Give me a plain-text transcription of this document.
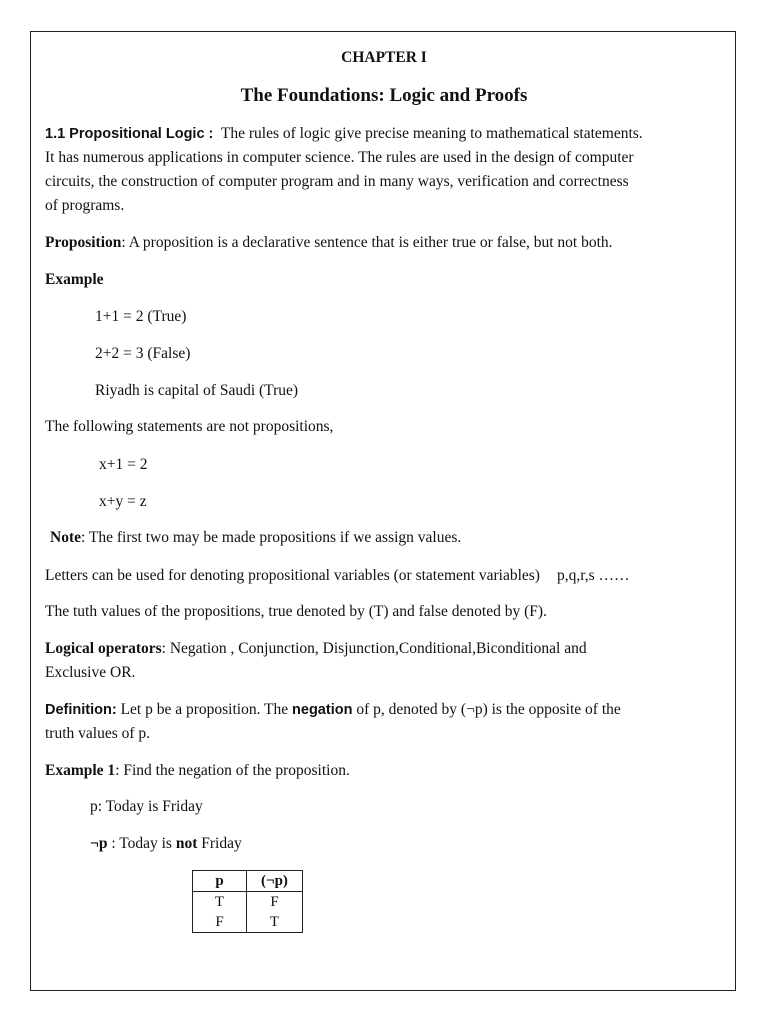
CHAPTER I
The Foundations: Logic and Proofs
1.1 Propositional Logic : The rules of logic give precise meaning to mathematical statements.
It has numerous applications in computer science. The rules are used in the design of computer
circuits, the construction of computer program and in many ways, verification and correctness
of programs.
Proposition: A proposition is a declarative sentence that is either true or false, but not both.
Example
1+1 = 2 (True)
2+2 = 3 (False)
Riyadh is capital of Saudi (True)
The following statements are not propositions,
x+1 = 2
x+y = z
Note: The first two may be made propositions if we assign values.
Letters can be used for denoting propositional variables (or statement variables) p,q,r,s ……
The tuth values of the propositions, true denoted by (T) and false denoted by (F).
Logical operators: Negation , Conjunction, Disjunction,Conditional,Biconditional and
Exclusive OR.
Definition: Let p be a proposition. The negation of p, denoted by (¬p) is the opposite of the
truth values of p.
Example 1: Find the negation of the proposition.
p: Today is Friday
¬p : Today is not Friday
p	(¬p)
T	F
F	T
